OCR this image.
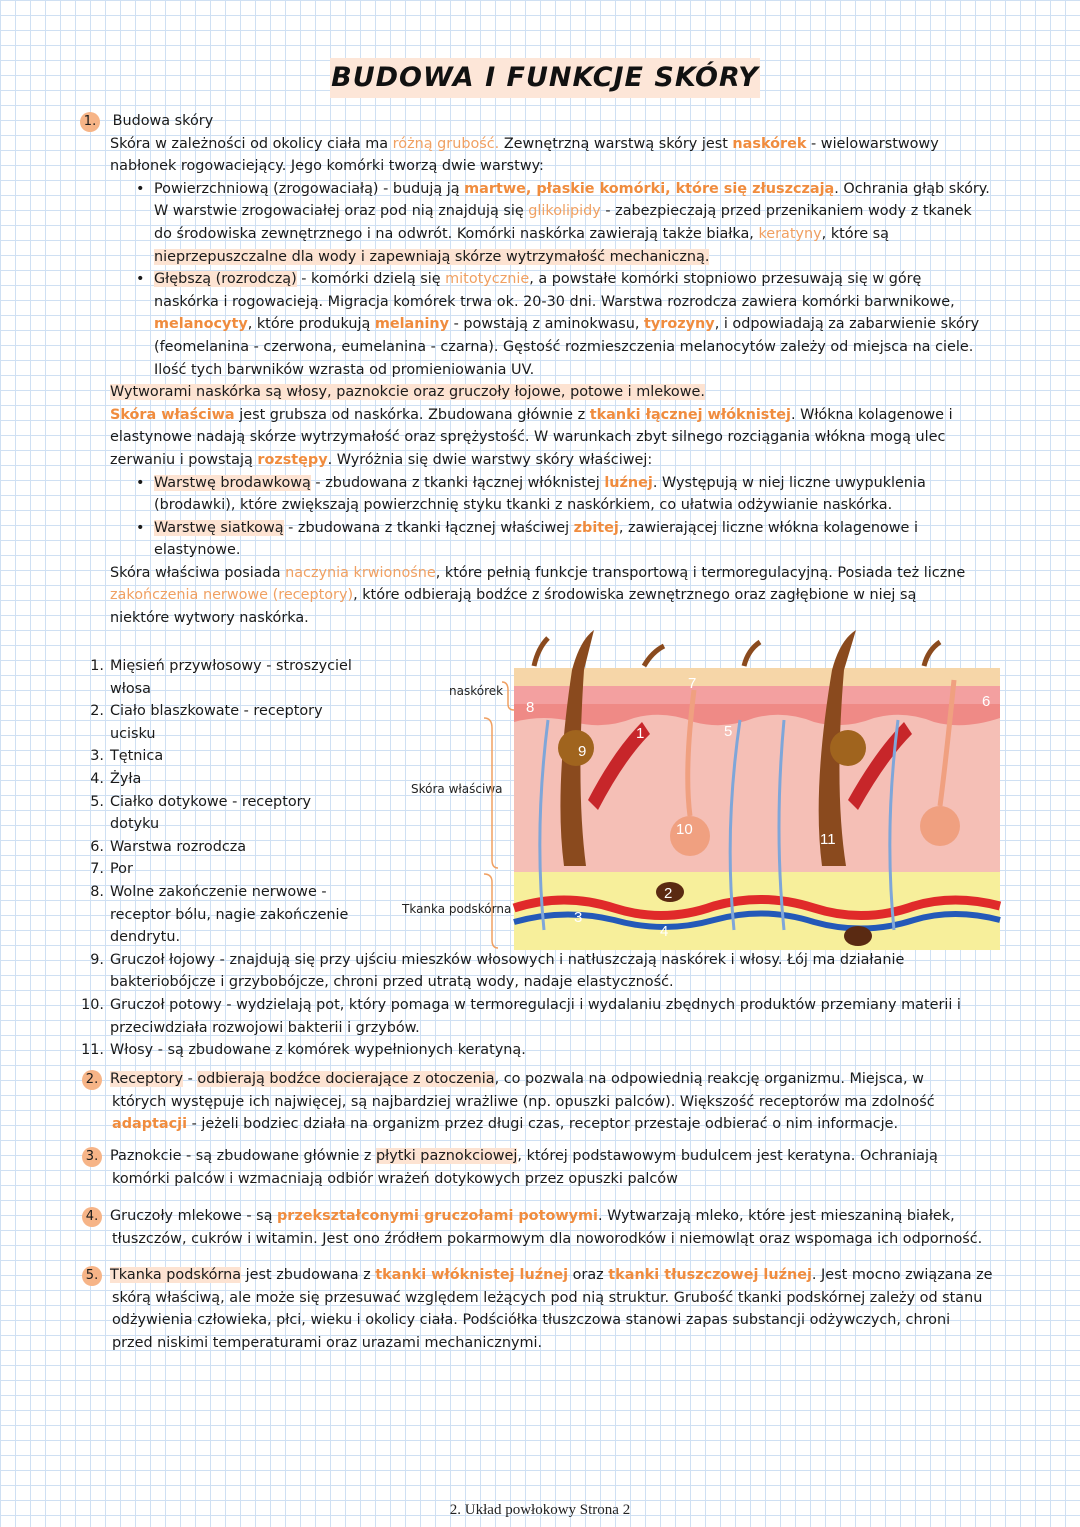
BUDOWA I FUNKCJE SKÓRY
1. Budowa skóry
Skóra w zależności od okolicy ciała ma różną grubość. Zewnętrzną warstwą skóry jest naskórek - wielowarstwowy
nabłonek rogowaciejący. Jego komórki tworzą dwie warstwy:
• Powierzchniową (zrogowaciałą) - budują ją martwe, płaskie komórki, które się złuszczają. Ochrania głąb skóry.
W warstwie zrogowaciałej oraz pod nią znajdują się glikolipidy - zabezpieczają przed przenikaniem wody z tkanek
do środowiska zewnętrznego i na odwrót. Komórki naskórka zawierają także białka, keratyny, które są
nieprzepuszczalne dla wody i zapewniają skórze wytrzymałość mechaniczną.
• Głębszą (rozrodczą) - komórki dzielą się mitotycznie, a powstałe komórki stopniowo przesuwają się w górę
naskórka i rogowacieją. Migracja komórek trwa ok. 20-30 dni. Warstwa rozrodcza zawiera komórki barwnikowe,
melanocyty, które produkują melaniny - powstają z aminokwasu, tyrozyny, i odpowiadają za zabarwienie skóry
(feomelanina - czerwona, eumelanina - czarna). Gęstość rozmieszczenia melanocytów zależy od miejsca na ciele.
Ilość tych barwników wzrasta od promieniowania UV.
Wytworami naskórka są włosy, paznokcie oraz gruczoły łojowe, potowe i mlekowe.
Skóra właściwa jest grubsza od naskórka. Zbudowana głównie z tkanki łącznej włóknistej. Włókna kolagenowe i
elastynowe nadają skórze wytrzymałość oraz sprężystość. W warunkach zbyt silnego rozciągania włókna mogą ulec
zerwaniu i powstają rozstępy. Wyróżnia się dwie warstwy skóry właściwej:
• Warstwę brodawkową - zbudowana z tkanki łącznej włóknistej luźnej. Występują w niej liczne uwypuklenia
(brodawki), które zwiększają powierzchnię styku tkanki z naskórkiem, co ułatwia odżywianie naskórka.
• Warstwę siatkową - zbudowana z tkanki łącznej właściwej zbitej, zawierającej liczne włókna kolagenowe i
elastynowe.
Skóra właściwa posiada naczynia krwionośne, które pełnią funkcje transportową i termoregulacyjną. Posiada też liczne
zakończenia nerwowe (receptory), które odbierają bodźce z środowiska zewnętrznego oraz zagłębione w niej są
niektóre wytwory naskórka.
1. Mięsień przywłosowy - stroszyciel
włosa
2. Ciało blaszkowate - receptory
ucisku
3. Tętnica
4. Żyła
5. Ciałko dotykowe - receptory
dotyku
6. Warstwa rozrodcza
7. Por
8. Wolne zakończenie nerwowe -
receptor bólu, nagie zakończenie
dendrytu.
9. Gruczoł łojowy - znajdują się przy ujściu mieszków włosowych i natłuszczają naskórek i włosy. Łój ma działanie
bakteriobójcze i grzybobójcze, chroni przed utratą wody, nadaje elastyczność.
10. Gruczoł potowy - wydzielają pot, który pomaga w termoregulacji i wydalaniu zbędnych produktów przemiany materii i
przeciwdziała rozwojowi bakterii i grzybów.
11. Włosy - są zbudowane z komórek wypełnionych keratyną.
naskórek
Skóra właściwa
Tkanka podskórna
1
2
3
4
5
6
7
8
9
10
11
2. Receptory - odbierają bodźce docierające z otoczenia, co pozwala na odpowiednią reakcję organizmu. Miejsca, w
których występuje ich najwięcej, są najbardziej wrażliwe (np. opuszki palców). Większość receptorów ma zdolność
adaptacji - jeżeli bodziec działa na organizm przez długi czas, receptor przestaje odbierać o nim informacje.
3. Paznokcie - są zbudowane głównie z płytki paznokciowej, której podstawowym budulcem jest keratyna. Ochraniają
komórki palców i wzmacniają odbiór wrażeń dotykowych przez opuszki palców
4. Gruczoły mlekowe - są przekształconymi gruczołami potowymi. Wytwarzają mleko, które jest mieszaniną białek,
tłuszczów, cukrów i witamin. Jest ono źródłem pokarmowym dla noworodków i niemowląt oraz wspomaga ich odporność.
5. Tkanka podskórna jest zbudowana z tkanki włóknistej luźnej oraz tkanki tłuszczowej luźnej. Jest mocno związana ze
skórą właściwą, ale może się przesuwać względem leżących pod nią struktur. Grubość tkanki podskórnej zależy od stanu
odżywienia człowieka, płci, wieku i okolicy ciała. Podściółka tłuszczowa stanowi zapas substancji odżywczych, chroni
przed niskimi temperaturami oraz urazami mechanicznymi.
2. Układ powłokowy Strona 2
